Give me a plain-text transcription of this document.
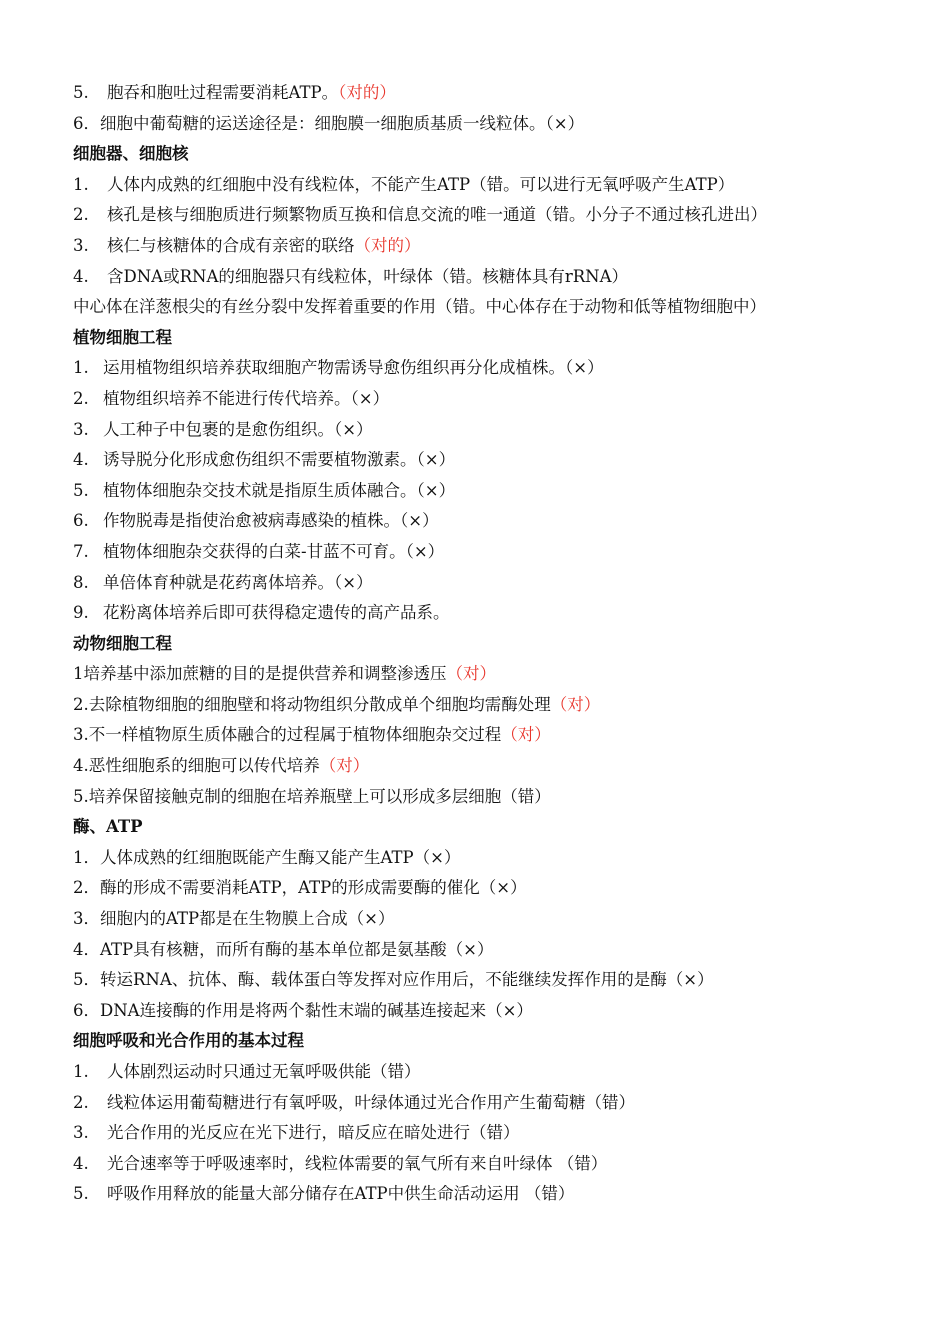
5. 胞吞和胞吐过程需要消耗ATP。（对的）
6．细胞中葡萄糖的运送途径是：细胞膜一细胞质基质一线粒体。（×）
细胞器、细胞核
1. 人体内成熟的红细胞中没有线粒体，不能产生ATP（错。可以进行无氧呼吸产生ATP）
2. 核孔是核与细胞质进行频繁物质互换和信息交流的唯一通道（错。小分子不通过核孔进出）
3. 核仁与核糖体的合成有亲密的联络（对的）
4. 含DNA或RNA的细胞器只有线粒体，叶绿体（错。核糖体具有rRNA）
中心体在洋葱根尖的有丝分裂中发挥着重要的作用（错。中心体存在于动物和低等植物细胞中）
植物细胞工程
1. 运用植物组织培养获取细胞产物需诱导愈伤组织再分化成植株。（×）
2. 植物组织培养不能进行传代培养。（×）
3. 人工种子中包裹的是愈伤组织。（×）
4. 诱导脱分化形成愈伤组织不需要植物激素。（×）
5. 植物体细胞杂交技术就是指原生质体融合。（×）
6. 作物脱毒是指使治愈被病毒感染的植株。（×）
7. 植物体细胞杂交获得的白菜-甘蓝不可育。（×）
8. 单倍体育种就是花药离体培养。（×）
9. 花粉离体培养后即可获得稳定遗传的高产品系。
动物细胞工程
1培养基中添加蔗糖的目的是提供营养和调整渗透压（对）
2.去除植物细胞的细胞壁和将动物组织分散成单个细胞均需酶处理（对）
3.不一样植物原生质体融合的过程属于植物体细胞杂交过程（对）
4.恶性细胞系的细胞可以传代培养（对）
5.培养保留接触克制的细胞在培养瓶壁上可以形成多层细胞（错）
酶、ATP
1．人体成熟的红细胞既能产生酶又能产生ATP（×）
2．酶的形成不需要消耗ATP，ATP的形成需要酶的催化（×）
3．细胞内的ATP都是在生物膜上合成（×）
4．ATP具有核糖，而所有酶的基本单位都是氨基酸（×）
5．转运RNA、抗体、酶、载体蛋白等发挥对应作用后，不能继续发挥作用的是酶（×）
6．DNA连接酶的作用是将两个黏性末端的碱基连接起来（×）
细胞呼吸和光合作用的基本过程
1. 人体剧烈运动时只通过无氧呼吸供能（错）
2. 线粒体运用葡萄糖进行有氧呼吸，叶绿体通过光合作用产生葡萄糖（错）
3. 光合作用的光反应在光下进行，暗反应在暗处进行（错）
4. 光合速率等于呼吸速率时，线粒体需要的氧气所有来自叶绿体 （错）
5. 呼吸作用释放的能量大部分储存在ATP中供生命活动运用 （错）
